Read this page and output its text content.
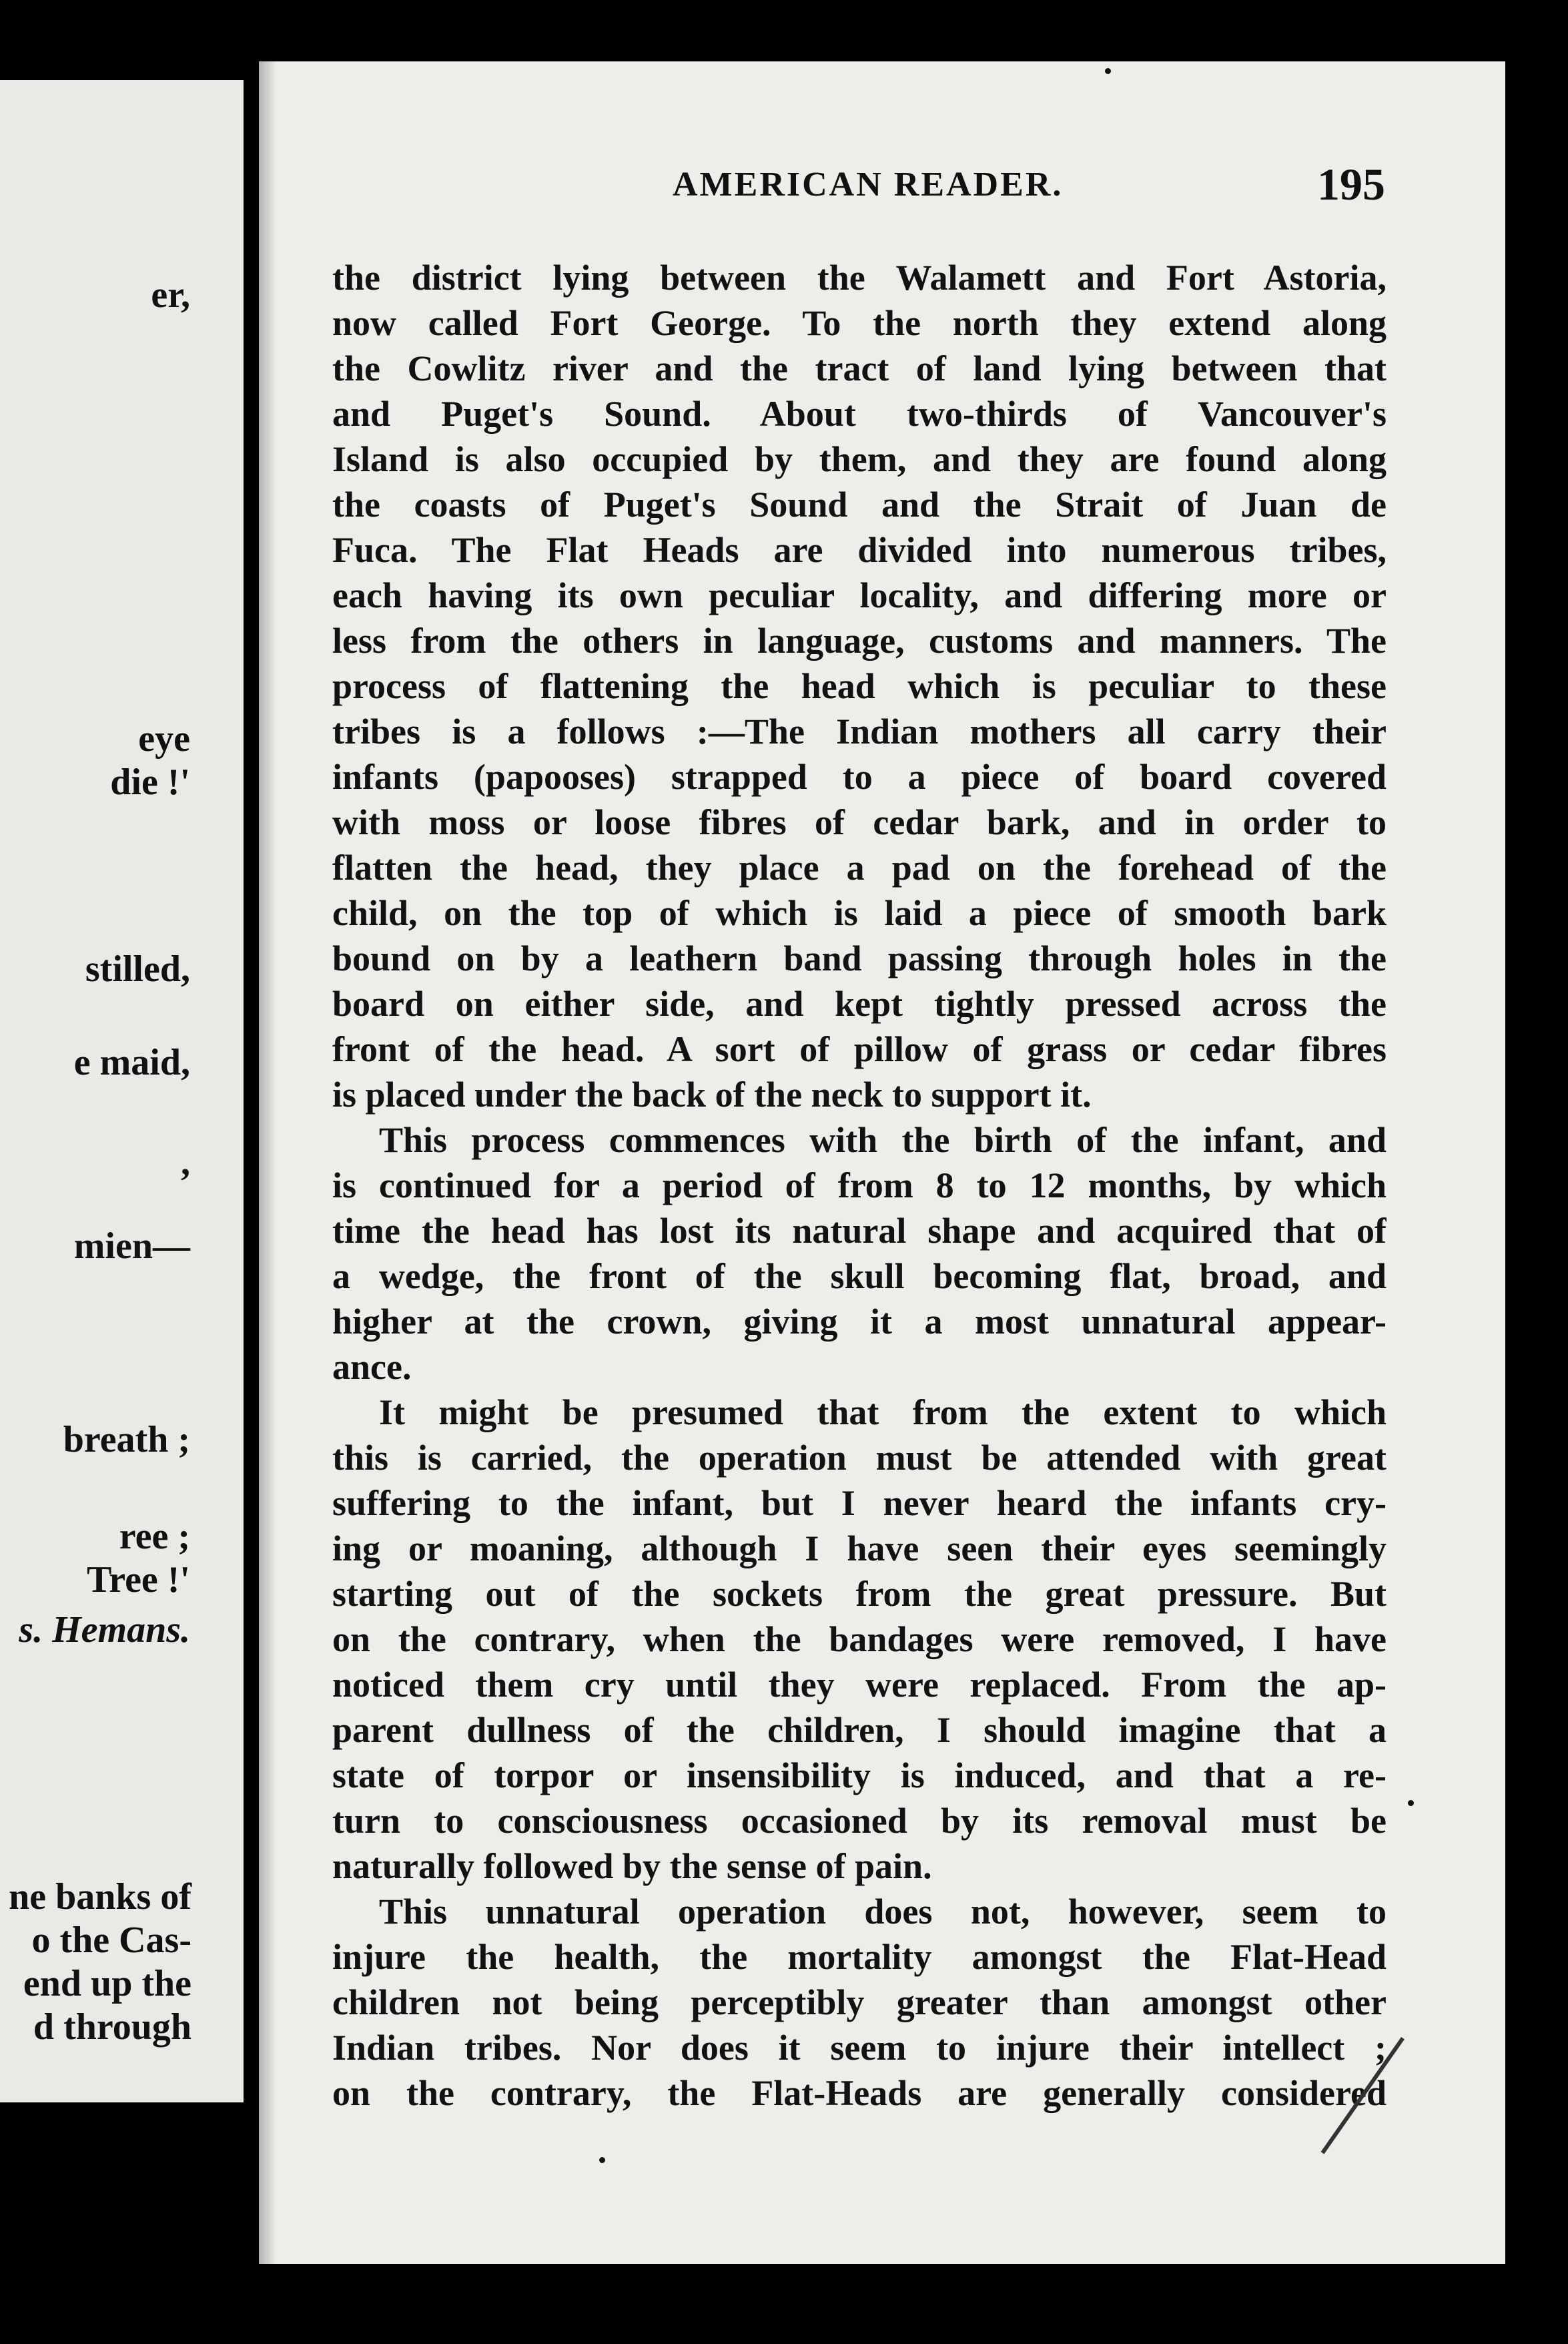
er,
eye
die !'
stilled,
e maid,
,
mien—
breath ;
ree ;
Tree !'
s. Hemans.
ne banks of
o the Cas-
end up the
d through
AMERICAN READER.	195
the district lying between the Walamett and Fort Astoria,
now called Fort George. To the north they extend along
the Cowlitz river and the tract of land lying between that
and Puget's Sound. About two-thirds of Vancouver's
Island is also occupied by them, and they are found along
the coasts of Puget's Sound and the Strait of Juan de
Fuca. The Flat Heads are divided into numerous tribes,
each having its own peculiar locality, and differing more or
less from the others in language, customs and manners. The
process of flattening the head which is peculiar to these
tribes is a follows :—The Indian mothers all carry their
infants (papooses) strapped to a piece of board covered
with moss or loose fibres of cedar bark, and in order to
flatten the head, they place a pad on the forehead of the
child, on the top of which is laid a piece of smooth bark
bound on by a leathern band passing through holes in the
board on either side, and kept tightly pressed across the
front of the head. A sort of pillow of grass or cedar fibres
is placed under the back of the neck to support it.
This process commences with the birth of the infant, and
is continued for a period of from 8 to 12 months, by which
time the head has lost its natural shape and acquired that of
a wedge, the front of the skull becoming flat, broad, and
higher at the crown, giving it a most unnatural appear-
ance.
It might be presumed that from the extent to which
this is carried, the operation must be attended with great
suffering to the infant, but I never heard the infants cry-
ing or moaning, although I have seen their eyes seemingly
starting out of the sockets from the great pressure. But
on the contrary, when the bandages were removed, I have
noticed them cry until they were replaced. From the ap-
parent dullness of the children, I should imagine that a
state of torpor or insensibility is induced, and that a re-
turn to consciousness occasioned by its removal must be
naturally followed by the sense of pain.
This unnatural operation does not, however, seem to
injure the health, the mortality amongst the Flat-Head
children not being perceptibly greater than amongst other
Indian tribes. Nor does it seem to injure their intellect ;
on the contrary, the Flat-Heads are generally considered
